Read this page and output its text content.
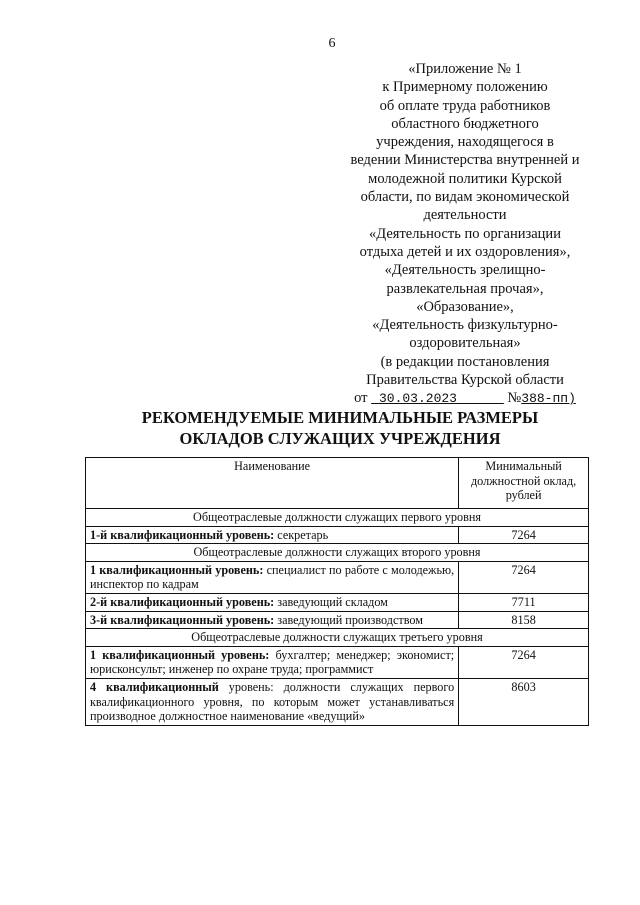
6
«Приложение № 1
к Примерному положению
об оплате труда работников
областного бюджетного
учреждения, находящегося в
ведении Министерства внутренней и
молодежной политики Курской
области, по видам экономической
деятельности
«Деятельность по организации
отдыха детей и их оздоровления»,
«Деятельность зрелищно-
развлекательная прочая»,
«Образование»,
«Деятельность физкультурно-
оздоровительная»
(в редакции постановления
Правительства Курской области
от 30.03.2023	№388-пп)
РЕКОМЕНДУЕМЫЕ МИНИМАЛЬНЫЕ РАЗМЕРЫ
ОКЛАДОВ СЛУЖАЩИХ УЧРЕЖДЕНИЯ
Наименование	Минимальный должностной оклад, рублей
Общеотраслевые должности служащих первого уровня	
1-й квалификационный уровень: секретарь	7264
Общеотраслевые должности служащих второго уровня	
1 квалификационный уровень: специалист по работе с молодежью, инспектор по кадрам	7264
2-й квалификационный уровень: заведующий складом	7711
3-й квалификационный уровень: заведующий производством	8158
Общеотраслевые должности служащих третьего уровня	
1 квалификационный уровень: бухгалтер; менеджер; экономист; юрисконсульт; инженер по охране труда; программист	7264
4 квалификационный уровень: должности служащих первого квалификационного уровня, по которым может устанавливаться производное должностное наименование «ведущий»	8603
